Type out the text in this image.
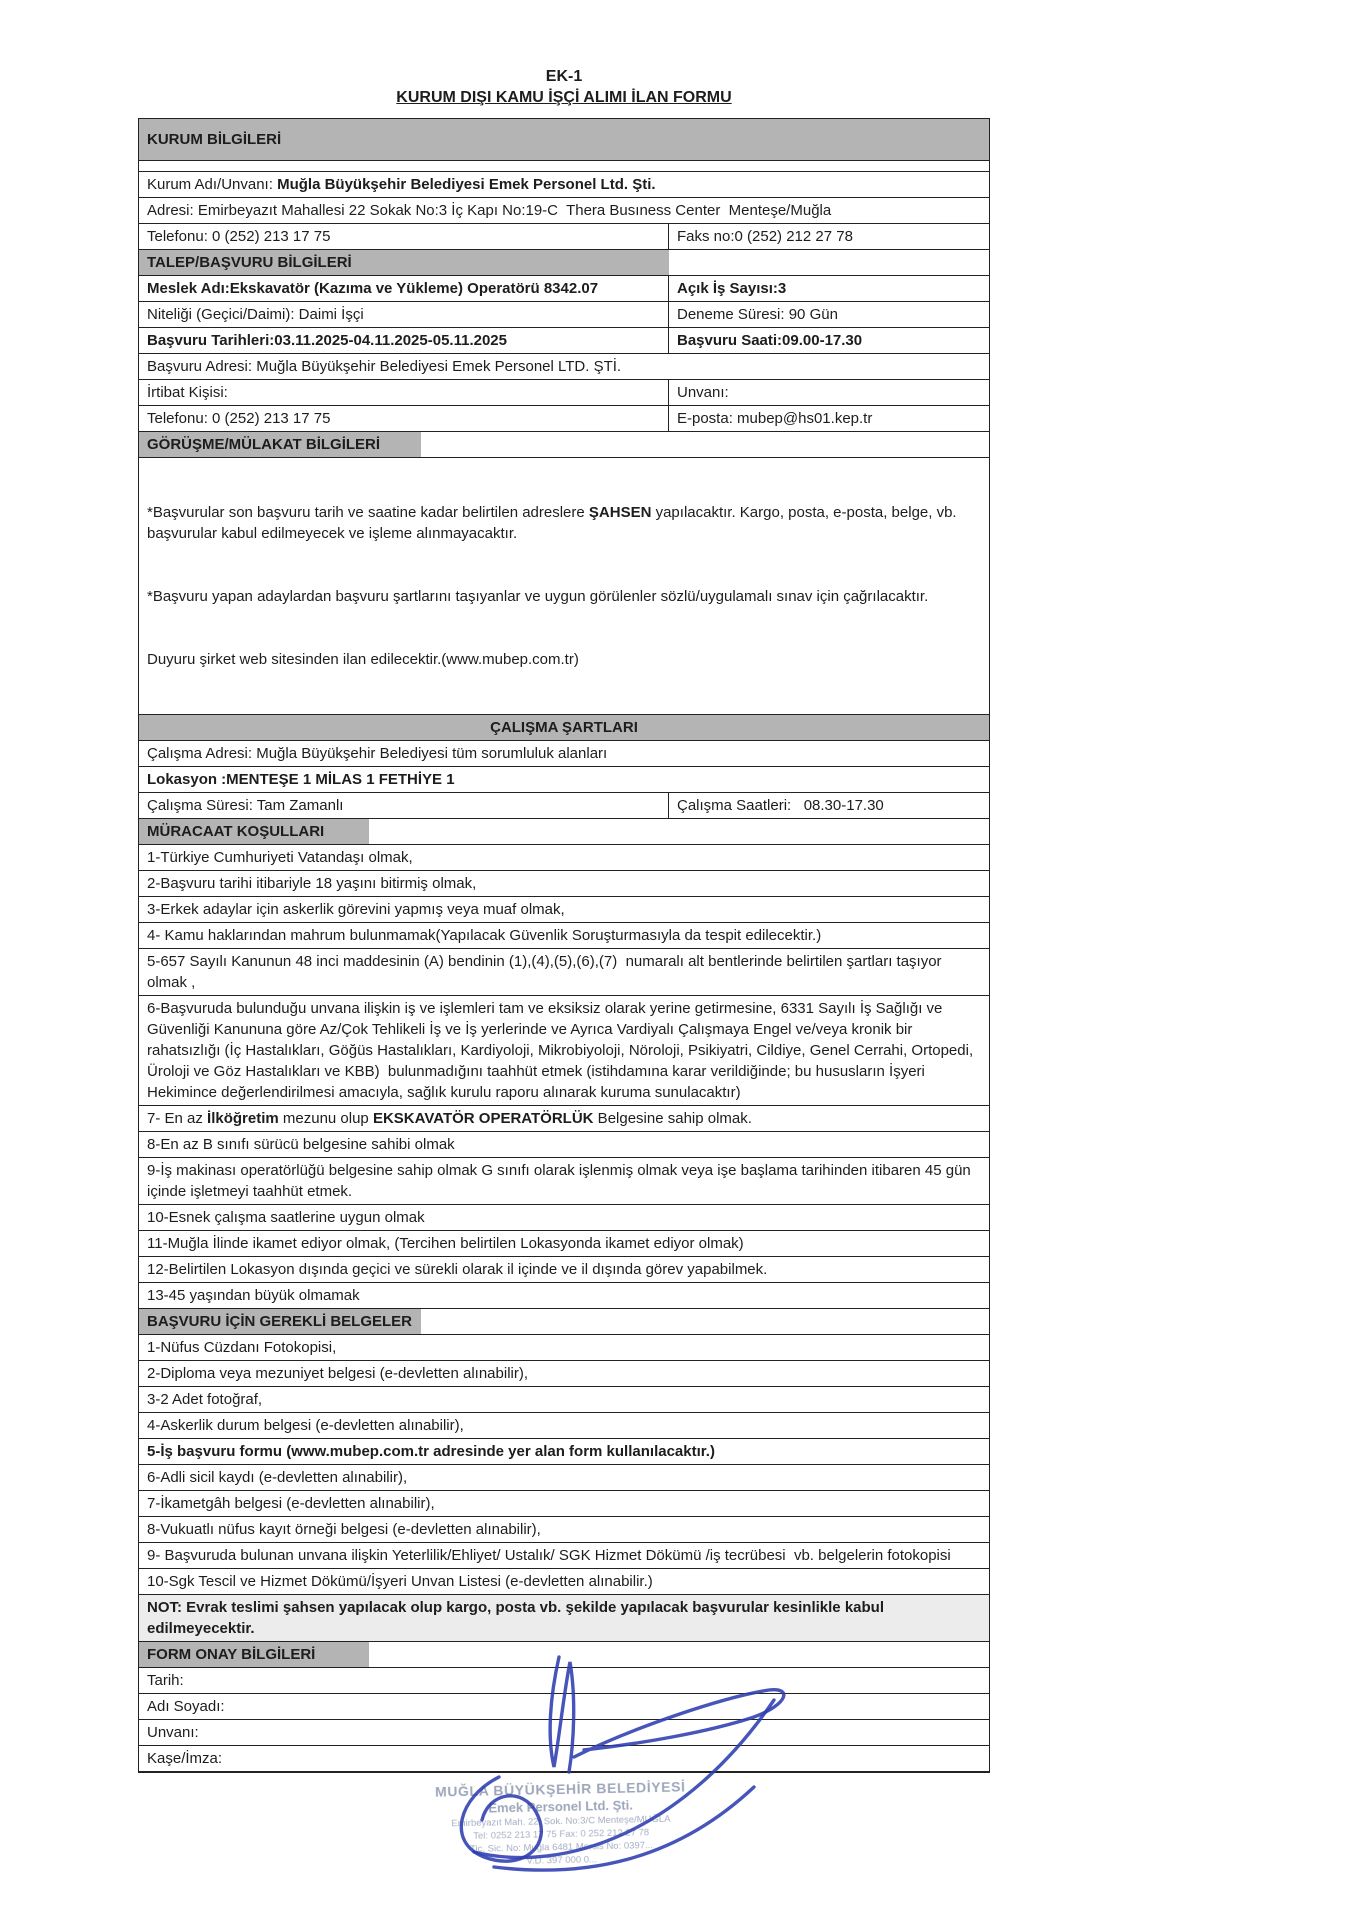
EK-1
KURUM DIŞI KAMU İŞÇİ ALIMI İLAN FORMU
KURUM BİLGİLERİ
Kurum Adı/Unvanı: Muğla Büyükşehir Belediyesi Emek Personel Ltd. Şti.
Adresi: Emirbeyazıt Mahallesi 22 Sokak No:3 İç Kapı No:19-C  Thera Busıness Center  Menteşe/Muğla
Telefonu: 0 (252) 213 17 75	Faks no:0 (252) 212 27 78
TALEP/BAŞVURU BİLGİLERİ
Meslek Adı:Ekskavatör (Kazıma ve Yükleme) Operatörü 8342.07	Açık İş Sayısı:3
Niteliği (Geçici/Daimi): Daimi İşçi	Deneme Süresi: 90 Gün
Başvuru Tarihleri:03.11.2025-04.11.2025-05.11.2025	Başvuru Saati:09.00-17.30
Başvuru Adresi: Muğla Büyükşehir Belediyesi Emek Personel LTD. ŞTİ.
İrtibat Kişisi:	Unvanı:
Telefonu: 0 (252) 213 17 75	E-posta: mubep@hs01.kep.tr
GÖRÜŞME/MÜLAKAT BİLGİLERİ

*Başvurular son başvuru tarih ve saatine kadar belirtilen adreslere ŞAHSEN yapılacaktır. Kargo, posta, e-posta, belge, vb. başvurular kabul edilmeyecek ve işleme alınmayacaktır.

*Başvuru yapan adaylardan başvuru şartlarını taşıyanlar ve uygun görülenler sözlü/uygulamalı sınav için çağrılacaktır.

Duyuru şirket web sitesinden ilan edilecektir.(www.mubep.com.tr)

ÇALIŞMA ŞARTLARI
Çalışma Adresi: Muğla Büyükşehir Belediyesi tüm sorumluluk alanları
Lokasyon :MENTEŞE 1 MİLAS 1 FETHİYE 1
Çalışma Süresi: Tam Zamanlı	Çalışma Saatleri:   08.30-17.30
MÜRACAAT KOŞULLARI
1-Türkiye Cumhuriyeti Vatandaşı olmak,
2-Başvuru tarihi itibariyle 18 yaşını bitirmiş olmak,
3-Erkek adaylar için askerlik görevini yapmış veya muaf olmak,
4- Kamu haklarından mahrum bulunmamak(Yapılacak Güvenlik Soruşturmasıyla da tespit edilecektir.)
5-657 Sayılı Kanunun 48 inci maddesinin (A) bendinin (1),(4),(5),(6),(7)  numaralı alt bentlerinde belirtilen şartları taşıyor olmak ,
6-Başvuruda bulunduğu unvana ilişkin iş ve işlemleri tam ve eksiksiz olarak yerine getirmesine, 6331 Sayılı İş Sağlığı ve Güvenliği Kanununa göre Az/Çok Tehlikeli İş ve İş yerlerinde ve Ayrıca Vardiyalı Çalışmaya Engel ve/veya kronik bir rahatsızlığı (İç Hastalıkları, Göğüs Hastalıkları, Kardiyoloji, Mikrobiyoloji, Nöroloji, Psikiyatri, Cildiye, Genel Cerrahi, Ortopedi, Üroloji ve Göz Hastalıkları ve KBB)  bulunmadığını taahhüt etmek (istihdamına karar verildiğinde; bu hususların İşyeri Hekimince değerlendirilmesi amacıyla, sağlık kurulu raporu alınarak kuruma sunulacaktır)
7- En az İlköğretim mezunu olup EKSKAVATÖR OPERATÖRLÜK Belgesine sahip olmak.
8-En az B sınıfı sürücü belgesine sahibi olmak
9-İş makinası operatörlüğü belgesine sahip olmak G sınıfı olarak işlenmiş olmak veya işe başlama tarihinden itibaren 45 gün içinde işletmeyi taahhüt etmek.
10-Esnek çalışma saatlerine uygun olmak
11-Muğla İlinde ikamet ediyor olmak, (Tercihen belirtilen Lokasyonda ikamet ediyor olmak)
12-Belirtilen Lokasyon dışında geçici ve sürekli olarak il içinde ve il dışında görev yapabilmek.
13-45 yaşından büyük olmamak
BAŞVURU İÇİN GEREKLİ BELGELER
1-Nüfus Cüzdanı Fotokopisi,
2-Diploma veya mezuniyet belgesi (e-devletten alınabilir),
3-2 Adet fotoğraf,
4-Askerlik durum belgesi (e-devletten alınabilir),
5-İş başvuru formu (www.mubep.com.tr adresinde yer alan form kullanılacaktır.)
6-Adli sicil kaydı (e-devletten alınabilir),
7-İkametgâh belgesi (e-devletten alınabilir),
8-Vukuatlı nüfus kayıt örneği belgesi (e-devletten alınabilir),
9- Başvuruda bulunan unvana ilişkin Yeterlilik/Ehliyet/ Ustalık/ SGK Hizmet Dökümü /iş tecrübesi  vb. belgelerin fotokopisi
10-Sgk Tescil ve Hizmet Dökümü/İşyeri Unvan Listesi (e-devletten alınabilir.)
NOT: Evrak teslimi şahsen yapılacak olup kargo, posta vb. şekilde yapılacak başvurular kesinlikle kabul edilmeyecektir.
FORM ONAY BİLGİLERİ
Tarih:
Adı Soyadı:
Unvanı:
Kaşe/İmza:
MUĞLA BÜYÜKŞEHİR BELEDİYESİ
Emek Personel Ltd. Şti.
Emirbeyazıt Mah. 22. Sok. No:3/C Menteşe/MUĞLA
Tel: 0252 213 17 75 Fax: 0 252 212 27 78
Tic. Sic. No: Muğla 6481 Mersis No: 0397...
V.D. 397 000 0...
